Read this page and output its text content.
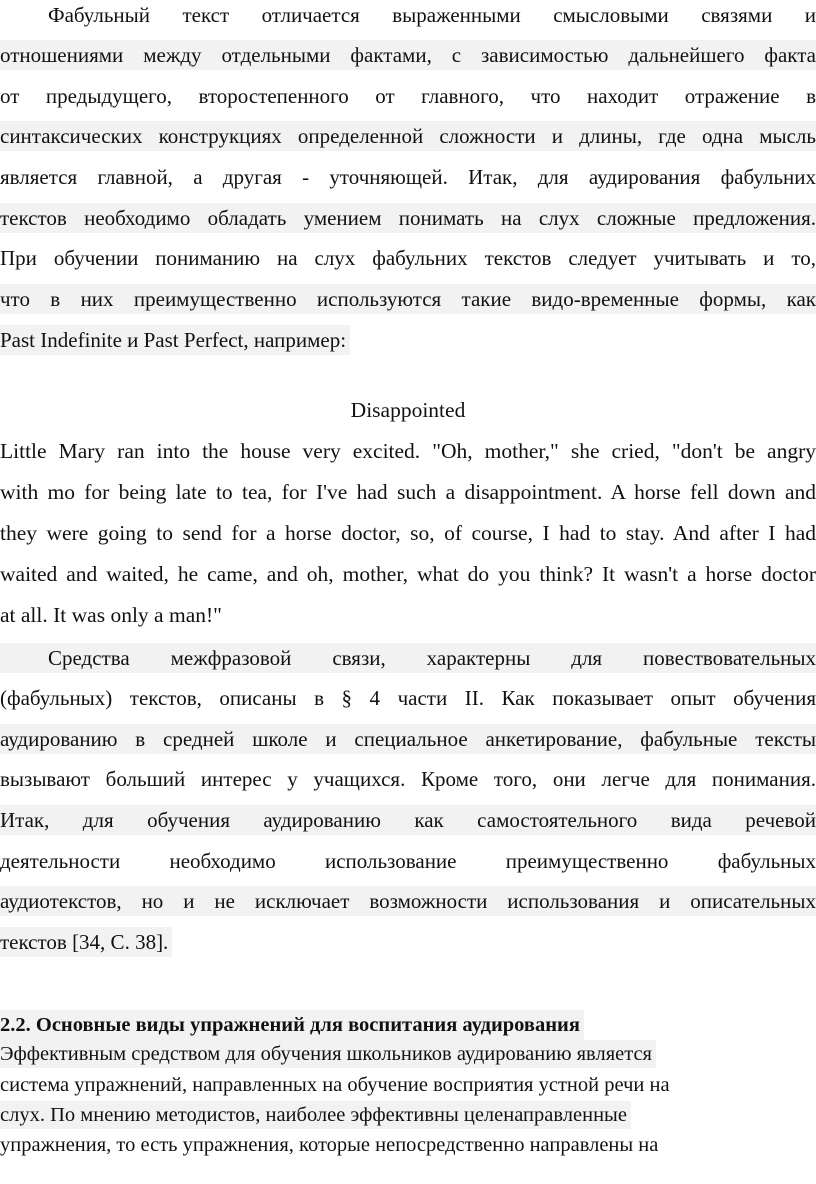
Фабульный текст отличается выраженными смысловыми связями и
отношениями между отдельными фактами, с зависимостью дальнейшего факта
от предыдущего, второстепенного от главного, что находит отражение в
синтаксических конструкциях определенной сложности и длины, где одна мысль
является главной, а другая - уточняющей. Итак, для аудирования фабульних
текстов необходимо обладать умением понимать на слух сложные предложения.
При обучении пониманию на слух фабульних текстов следует учитывать и то,
что в них преимущественно используются такие видо-временные формы, как
Past Indefinite и Past Perfect, например:
Disappointed
Little Mary ran into the house very excited. "Oh, mother," she cried, "don't be angry
with mo for being late to tea, for I've had such a disappointment. A horse fell down and
they were going to send for a horse doctor, so, of course, I had to stay. And after I had
waited and waited, he came, and oh, mother, what do you think? It wasn't a horse doctor
at all. It was only a man!"
Средства межфразовой связи, характерны для повествовательных
(фабульных) текстов, описаны в § 4 части II. Как показывает опыт обучения
аудированию в средней школе и специальное анкетирование, фабульные тексты
вызывают больший интерес у учащихся. Кроме того, они легче для понимания.
Итак, для обучения аудированию как самостоятельного вида речевой
деятельности необходимо использование преимущественно фабульных
аудиотекстов, но и не исключает возможности использования и описательных
текстов [34, С. 38].
2.2. Основные виды упражнений для воспитания аудирования
Эффективным средством для обучения школьников аудированию является
система упражнений, направленных на обучение восприятия устной речи на
слух. По мнению методистов, наиболее эффективны целенаправленные
упражнения, то есть упражнения, которые непосредственно направлены на
